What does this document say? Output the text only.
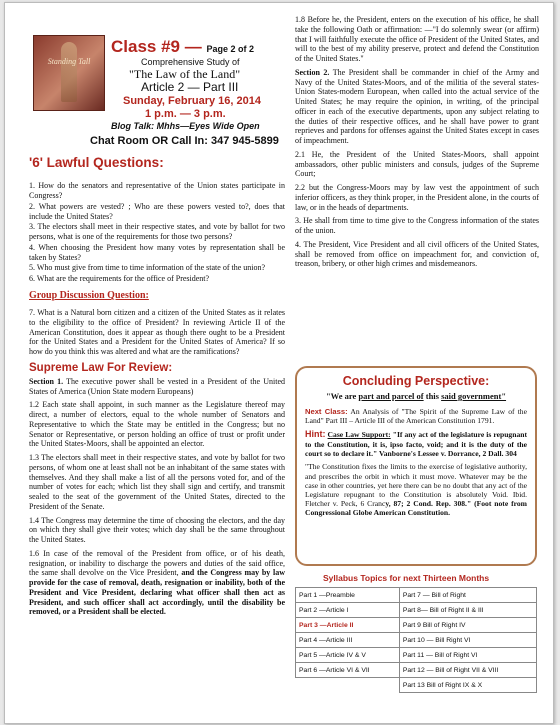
Standing Tall
Class #9 — Page 2 of 2
Comprehensive Study of
"The Law of the Land"
Article 2 — Part III
Sunday, February 16, 2014
1 p.m. — 3 p.m.
Blog Talk: Mhhs—Eyes Wide Open
Chat Room OR Call In: 347 945-5899
'6' Lawful Questions:
1. How do the senators and representative of the Union states participate in Congress?
2. What powers are vested? ; Who are these powers vested to?, does that include the United States?
3. The electors shall meet in their respective states, and vote by ballot for two persons, what is one of the requirements for those two persons?
4. When choosing the President how many votes by representation shall be taken by States?
5. Who must give from time to time information of the state of the union?
6. What are the requirements for the office of President?
Group Discussion Question:
7. What is a Natural born citizen and a citizen of the United States as it relates to the eligibility to the office of President? In reviewing Article II of the American Constitution, does it appear as though there ought to be a President for the United States and a President for the United States of America? If so how do you think this was altered and what are the ramifications?
Supreme Law For Review:
Section 1. The executive power shall be vested in a President of the United States of America (Union State modern Europeans)
1.2 Each state shall appoint, in such manner as the Legislature thereof may direct, a number of electors, equal to the whole number of Senators and Representative to which the State may be entitled in the Congress; but no Senator or Representative, or person holding an office of trust or profit under the United States-Moors, shall be appointed an elector.
1.3 The electors shall meet in their respective states, and vote by ballot for two persons, of whom one at least shall not be an inhabitant of the same states with themselves. And they shall make a list of all the persons voted for, and of the number of votes for each; which list they shall sign and certify, and transmit sealed to the seat of the government of the United States, directed to the President of the Senate.
1.4 The Congress may determine the time of choosing the electors, and the day on which they shall give their votes; which day shall be the same throughout the United States.
1.6 In case of the removal of the President from office, or of his death, resignation, or inability to discharge the powers and duties of the said office, the same shall devolve on the Vice President, and the Congress may by law provide for the case of removal, death, resignation or inability, both of the President and Vice President, declaring what officer shall then act as President, and such officer shall act accordingly, until the disability be removed, or a President shall be elected.
1.8 Before he, the President, enters on the execution of his office, he shall take the following Oath or affirmation: —"I do solemnly swear (or affirm) that I will faithfully execute the office of President of the United States, and will to the best of my ability preserve, protect and defend the Constitution of the United States."
Section 2. The President shall be commander in chief of the Army and Navy of the United States-Moors, and of the militia of the several states-Union States-modern European, when called into the actual service of the United States; he may require the opinion, in writing, of the principal officer in each of the executive departments, upon any subject relating to the duties of their respective offices, and he shall have power to grant reprieves and pardons for offenses against the United States except in cases of impeachment.
2.1 He, the President of the United States-Moors, shall appoint ambassadors, other public ministers and consuls, judges of the Supreme Court;
2.2 but the Congress-Moors may by law vest the appointment of such inferior officers, as they think proper, in the President alone, in the courts of law, or in the heads of departments.
3. He shall from time to time give to the Congress information of the states of the union.
4. The President, Vice President and all civil officers of the United States, shall be removed from office on impeachment for, and conviction of, treason, bribery, or other high crimes and misdemeanors.
Concluding Perspective:
"We are part and parcel of this said government"

Next Class: An Analysis of "The Spirit of the Supreme Law of the Land" Part III – Article III of the American Constitution 1791.

Hint: Case Law Support: "If any act of the legislature is repugnant to the Constitution, it is, ipso facto, void; and it is the duty of the court so to declare it." Vanborne's Lessee v. Dorrance, 2 Dall. 304

"The Constitution fixes the limits to the exercise of legislative authority, and prescribes the orbit in which it must move. Whatever may be the case in other countries, yet here there can be no doubt that any act of the Legislature repugnant to the Constitution is absolutely Void. Ibid. Fletcher v. Peck, 6 Crancy, 87; 2 Cond. Rep. 308." (Foot note from Congressional Globe American Constitution.

Syllabus Topics for next Thirteen Months
Part 1 —Preamble	Part 7 — Bill of Right
Part 2 —Article I	Part 8— Bill of Right II & III
Part 3 —Article II	Part 9 Bill of Right IV
Part 4 —Article III	Part 10 — Bill Right VI
Part 5 —Article IV & V	Part 11 — Bill of Right VI
Part 6 —Article VI & VII	Part 12 — Bill of Right VII & VIII
	Part 13 Bill of Right IX & X
